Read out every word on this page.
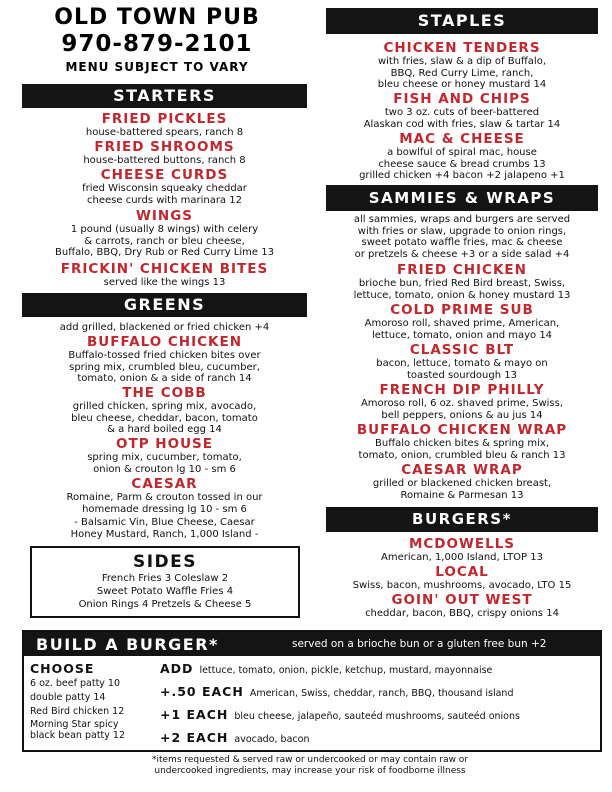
OLD TOWN PUB
970-879-2101
MENU SUBJECT TO VARY
STARTERS
FRIED PICKLES
house-battered spears, ranch 8
FRIED SHROOMS
house-battered buttons, ranch 8
CHEESE CURDS
fried Wisconsin squeaky cheddar
cheese curds with marinara 12
WINGS
1 pound (usually 8 wings) with celery
& carrots, ranch or bleu cheese,
Buffalo, BBQ, Dry Rub or Red Curry Lime 13
FRICKIN' CHICKEN BITES
served like the wings 13
GREENS
add grilled, blackened or fried chicken +4
BUFFALO CHICKEN
Buffalo-tossed fried chicken bites over
spring mix, crumbled bleu, cucumber,
tomato, onion & a side of ranch 14
THE COBB
grilled chicken, spring mix, avocado,
bleu cheese, cheddar, bacon, tomato
& a hard boiled egg 14
OTP HOUSE
spring mix, cucumber, tomato,
onion & crouton lg 10 - sm 6
CAESAR
Romaine, Parm & crouton tossed in our
homemade dressing lg 10 - sm 6
- Balsamic Vin, Blue Cheese, Caesar
Honey Mustard, Ranch, 1,000 Island -
SIDES
French Fries 3 Coleslaw 2
Sweet Potato Waffle Fries 4
Onion Rings 4 Pretzels & Cheese 5
STAPLES
CHICKEN TENDERS
with fries, slaw & a dip of Buffalo,
BBQ, Red Curry Lime, ranch,
bleu cheese or honey mustard 14
FISH AND CHIPS
two 3 oz. cuts of beer-battered
Alaskan cod with fries, slaw & tartar 14
MAC & CHEESE
a bowlful of spiral mac, house
cheese sauce & bread crumbs 13
grilled chicken +4 bacon +2 jalapeno +1
SAMMIES & WRAPS
all sammies, wraps and burgers are served
with fries or slaw, upgrade to onion rings,
sweet potato waffle fries, mac & cheese
or pretzels & cheese +3 or a side salad +4
FRIED CHICKEN
brioche bun, fried Red Bird breast, Swiss,
lettuce, tomato, onion & honey mustard 13
COLD PRIME SUB
Amoroso roll, shaved prime, American,
lettuce, tomato, onion and mayo 14
CLASSIC BLT
bacon, lettuce, tomato & mayo on
toasted sourdough 13
FRENCH DIP PHILLY
Amoroso roll, 6 oz. shaved prime, Swiss,
bell peppers, onions & au jus 14
BUFFALO CHICKEN WRAP
Buffalo chicken bites & spring mix,
tomato, onion, crumbled bleu & ranch 13
CAESAR WRAP
grilled or blackened chicken breast,
Romaine & Parmesan 13
BURGERS*
MCDOWELLS
American, 1,000 Island, LTOP 13
LOCAL
Swiss, bacon, mushrooms, avocado, LTO 15
GOIN' OUT WEST
cheddar, bacon, BBQ, crispy onions 14
BUILD A BURGER*	served on a brioche bun or a gluten free bun +2
CHOOSE
6 oz. beef patty 10
double patty 14
Red Bird chicken 12
Morning Star spicy
black bean patty 12
ADD lettuce, tomato, onion, pickle, ketchup, mustard, mayonnaise
+.50 EACH American, Swiss, cheddar, ranch, BBQ, thousand island
+1 EACH bleu cheese, jalapeño, sauteéd mushrooms, sauteéd onions
+2 EACH avocado, bacon
*items requested & served raw or undercooked or may contain raw or
undercooked ingredients, may increase your risk of foodborne illness
